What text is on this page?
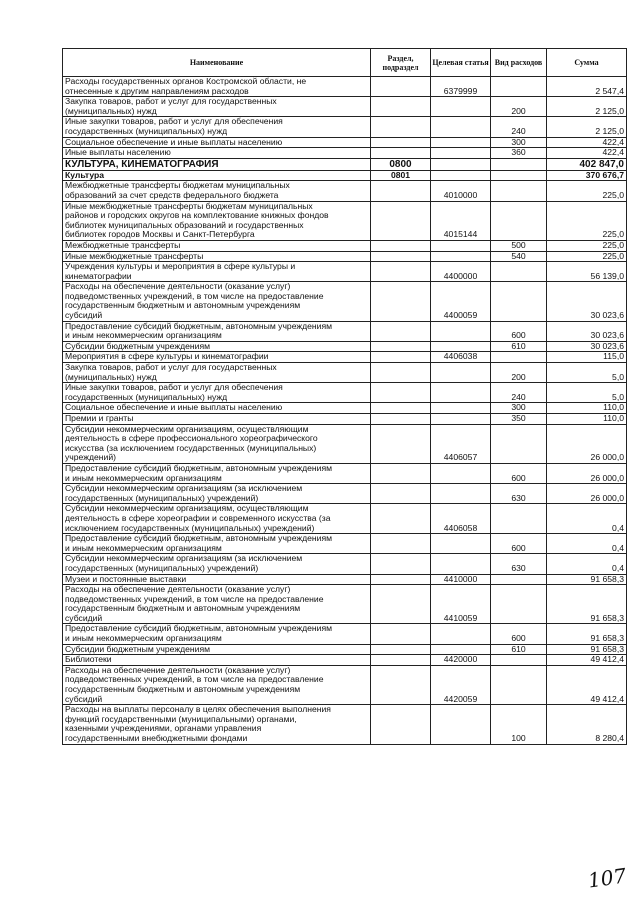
Наименование	Раздел, подраздел	Целевая статья	Вид расходов	Сумма
Расходы государственных органов Костромской области, не
отнесенные к другим направлениям расходов		6379999		2 547,4
Закупка товаров, работ и услуг для государственных
(муниципальных) нужд			200	2 125,0
Иные закупки товаров, работ и услуг для обеспечения
государственных (муниципальных) нужд			240	2 125,0
Социальное обеспечение и иные выплаты населению			300	422,4
Иные выплаты населению			360	422,4
КУЛЬТУРА, КИНЕМАТОГРАФИЯ	0800			402 847,0
Культура	0801			370 676,7
Межбюджетные трансферты бюджетам муниципальных
образований за счет средств федерального бюджета		4010000		225,0
Иные межбюджетные трансферты бюджетам муниципальных
районов и городских округов на комплектование книжных фондов
библиотек муниципальных образований и государственных
библиотек городов Москвы и Санкт-Петербурга		4015144		225,0
Межбюджетные трансферты			500	225,0
Иные межбюджетные трансферты			540	225,0
Учреждения культуры и мероприятия в сфере культуры и
кинематографии		4400000		56 139,0
Расходы на обеспечение деятельности (оказание услуг)
подведомственных учреждений, в том числе на предоставление
государственным бюджетным и автономным учреждениям
субсидий		4400059		30 023,6
Предоставление субсидий бюджетным, автономным учреждениям
и иным некоммерческим организациям			600	30 023,6
Субсидии бюджетным учреждениям			610	30 023,6
Мероприятия в сфере культуры и кинематографии		4406038		115,0
Закупка товаров, работ и услуг для государственных
(муниципальных) нужд			200	5,0
Иные закупки товаров, работ и услуг для обеспечения
государственных (муниципальных) нужд			240	5,0
Социальное обеспечение и иные выплаты населению			300	110,0
Премии и гранты			350	110,0
Субсидии некоммерческим организациям, осуществляющим
деятельность в сфере профессионального хореографического
искусства (за исключением государственных (муниципальных)
учреждений)		4406057		26 000,0
Предоставление субсидий бюджетным, автономным учреждениям
и иным некоммерческим организациям			600	26 000,0
Субсидии некоммерческим организациям (за исключением
государственных (муниципальных) учреждений)			630	26 000,0
Субсидии некоммерческим организациям, осуществляющим
деятельность в сфере хореографии и современного искусства (за
исключением государственных (муниципальных) учреждений)		4406058		0,4
Предоставление субсидий бюджетным, автономным учреждениям
и иным некоммерческим организациям			600	0,4
Субсидии некоммерческим организациям (за исключением
государственных (муниципальных) учреждений)			630	0,4
Музеи и постоянные выставки		4410000		91 658,3
Расходы на обеспечение деятельности (оказание услуг)
подведомственных учреждений, в том числе на предоставление
государственным бюджетным и автономным учреждениям
субсидий		4410059		91 658,3
Предоставление субсидий бюджетным, автономным учреждениям
и иным некоммерческим организациям			600	91 658,3
Субсидии бюджетным учреждениям			610	91 658,3
Библиотеки		4420000		49 412,4
Расходы на обеспечение деятельности (оказание услуг)
подведомственных учреждений, в том числе на предоставление
государственным бюджетным и автономным учреждениям
субсидий		4420059		49 412,4
Расходы на выплаты персоналу в целях обеспечения выполнения
функций государственными (муниципальными) органами,
казенными учреждениями, органами управления
государственными внебюджетными фондами			100	8 280,4
107
